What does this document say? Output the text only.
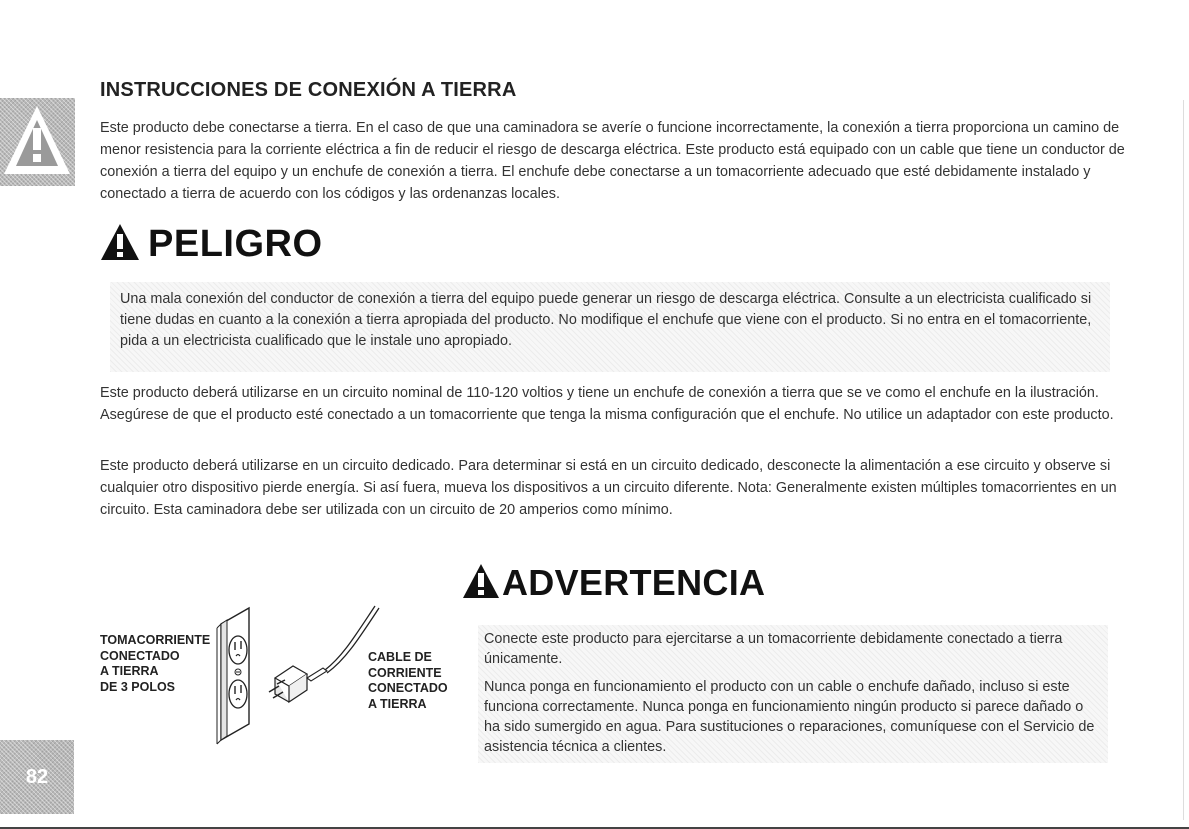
INSTRUCCIONES DE CONEXIÓN A TIERRA
Este producto debe conectarse a tierra. En el caso de que una caminadora se averíe o funcione incorrectamente, la conexión a tierra proporciona un camino de menor resistencia para la corriente eléctrica a fin de reducir el riesgo de descarga eléctrica. Este producto está equipado con un cable que tiene un conductor de conexión a tierra del equipo y un enchufe de conexión a tierra. El enchufe debe conectarse a un tomacorriente adecuado que esté debidamente instalado y conectado a tierra de acuerdo con los códigos y las ordenanzas locales.
PELIGRO
Una mala conexión del conductor de conexión a tierra del equipo puede generar un riesgo de descarga eléctrica. Consulte a un electricista cualificado si tiene dudas en cuanto a la conexión a tierra apropiada del producto. No modifique el enchufe que viene con el producto. Si no entra en el tomacorriente, pida a un electricista cualificado que le instale uno apropiado.
Este producto deberá utilizarse en un circuito nominal de 110-120 voltios y tiene un enchufe de conexión a tierra que se ve como el enchufe en la ilustración. Asegúrese de que el producto esté conectado a un tomacorriente que tenga la misma configuración que el enchufe. No utilice un adaptador con este producto.
Este producto deberá utilizarse en un circuito dedicado. Para determinar si está en un circuito dedicado, desconecte la alimentación a ese circuito y observe si cualquier otro dispositivo pierde energía. Si así fuera, mueva los dispositivos a un circuito diferente. Nota: Generalmente existen múltiples tomacorrientes en un circuito. Esta caminadora debe ser utilizada con un circuito de 20 amperios como mínimo.
TOMACORRIENTE
CONECTADO
A TIERRA
DE 3 POLOS
CABLE DE
CORRIENTE
CONECTADO
A TIERRA
ADVERTENCIA

Conecte este producto para ejercitarse a un tomacorriente debidamente conectado a tierra únicamente.

Nunca ponga en funcionamiento el producto con un cable o enchufe dañado, incluso si este funciona correctamente. Nunca ponga en funcionamiento ningún producto si parece dañado o ha sido sumergido en agua. Para sustituciones o reparaciones, comuníquese con el Servicio de asistencia técnica a clientes.

82
